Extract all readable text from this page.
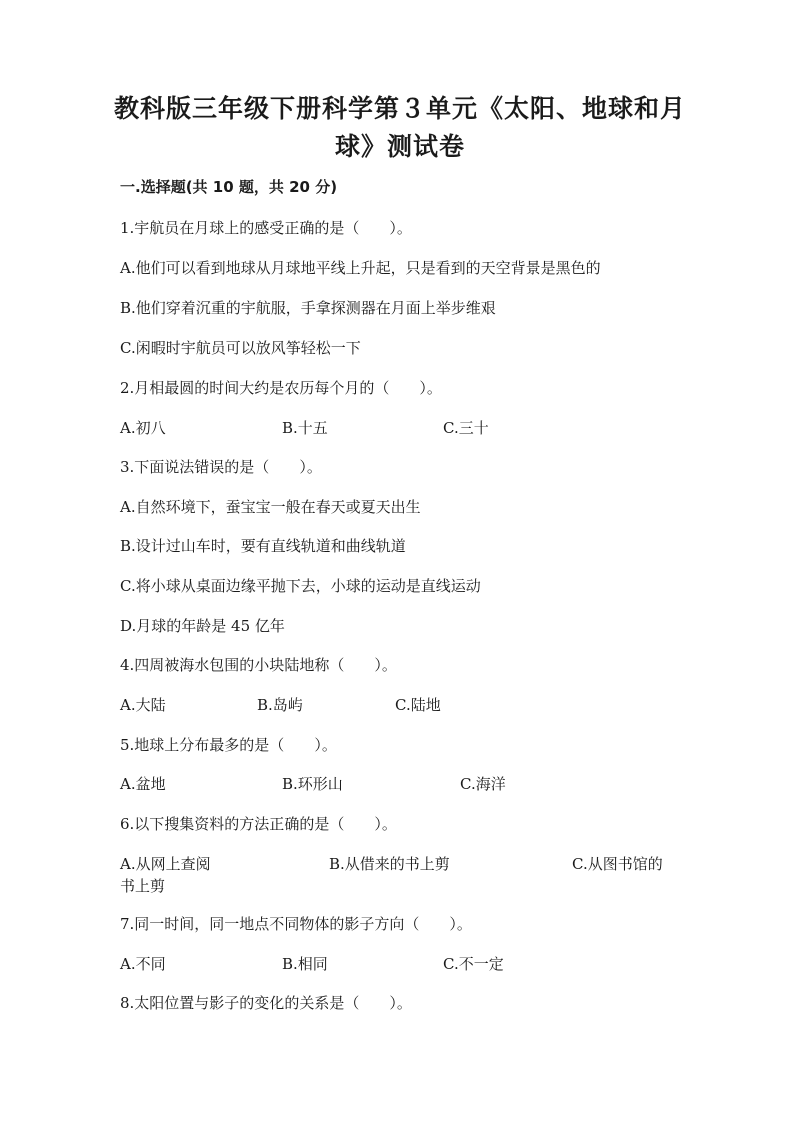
教科版三年级下册科学第３单元《太阳、地球和月
球》测试卷
一.选择题(共 10 题，共 20 分)
1.宇航员在月球上的感受正确的是（　　）。
A.他们可以看到地球从月球地平线上升起，只是看到的天空背景是黑色的
B.他们穿着沉重的宇航服，手拿探测器在月面上举步维艰
C.闲暇时宇航员可以放风筝轻松一下
2.月相最圆的时间大约是农历每个月的（　　）。
A.初八	B.十五	C.三十
3.下面说法错误的是（　　）。
A.自然环境下，蚕宝宝一般在春天或夏天出生
B.设计过山车时，要有直线轨道和曲线轨道
C.将小球从桌面边缘平抛下去，小球的运动是直线运动
D.月球的年龄是 45 亿年
4.四周被海水包围的小块陆地称（　　）。
A.大陆	B.岛屿	C.陆地
5.地球上分布最多的是（　　）。
A.盆地	B.环形山	C.海洋
6.以下搜集资料的方法正确的是（　　）。
A.从网上查阅	B.从借来的书上剪	C.从图书馆的
书上剪
7.同一时间，同一地点不同物体的影子方向（　　）。
A.不同	B.相同	C.不一定
8.太阳位置与影子的变化的关系是（　　）。
